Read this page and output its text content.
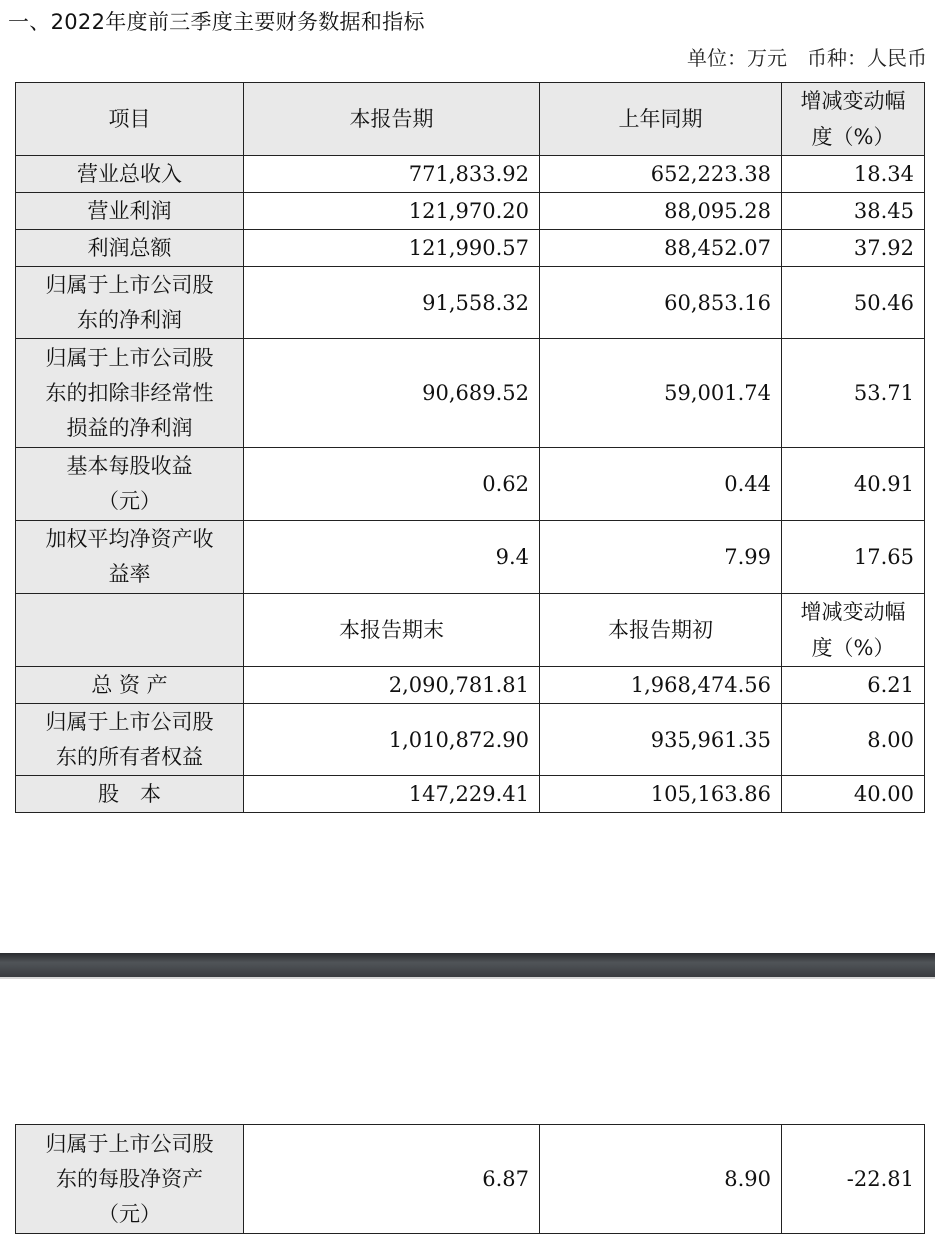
一、2022年度前三季度主要财务数据和指标
单位：万元　币种：人民币
项目	本报告期	上年同期	增减变动幅
度（%）

营业总收入	771,833.92	652,223.38	18.34
营业利润	121,970.20	88,095.28	38.45
利润总额	121,990.57	88,452.07	37.92

归属于上市公司股
东的净利润	91,558.32	60,853.16	50.46

归属于上市公司股
东的扣除非经常性
损益的净利润	90,689.52	59,001.74	53.71

基本每股收益
（元）	0.62	0.44	40.91

加权平均净资产收
益率	9.4	7.99	17.65
	本报告期末	本报告期初	增减变动幅
度（%）

总 资 产	2,090,781.81	1,968,474.56	6.21

归属于上市公司股
东的所有者权益	1,010,872.90	935,961.35	8.00
股　本	147,229.41	105,163.86	40.00
归属于上市公司股
东的每股净资产
（元）
	6.87	8.90	-22.81
